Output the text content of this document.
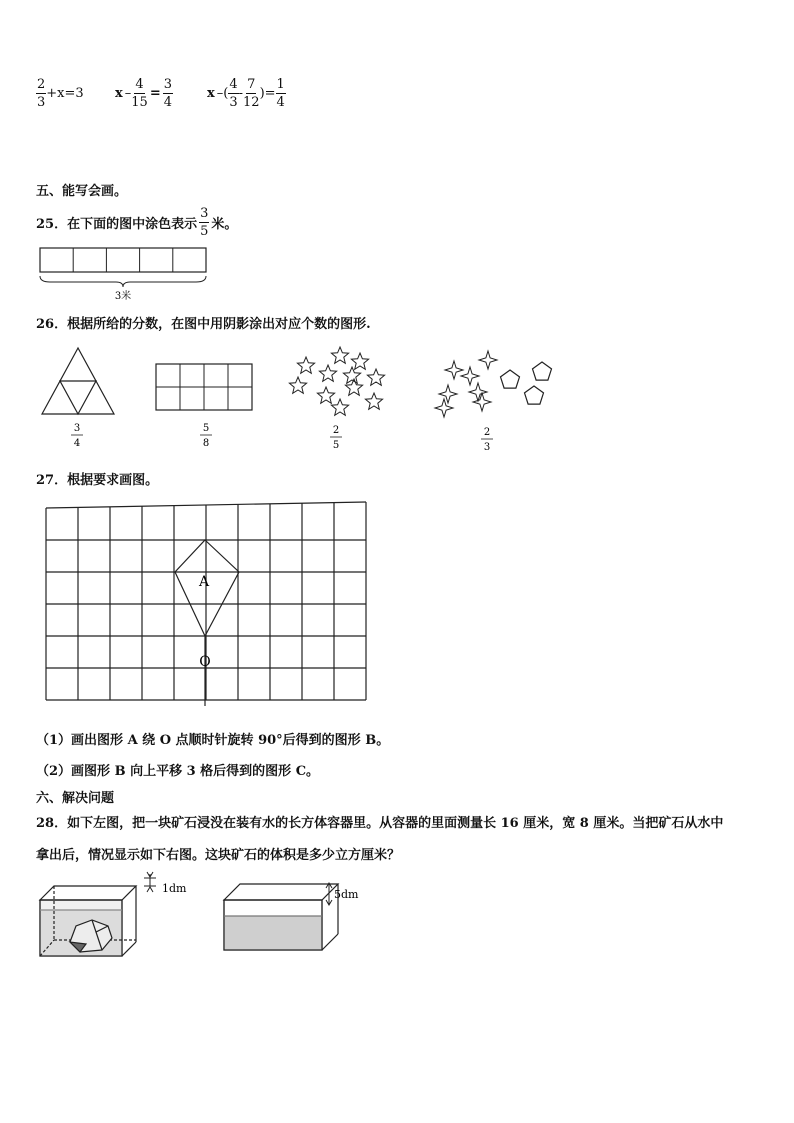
$\frac{2}{3} +x=3$ $x - \frac{4}{15} = \frac{3}{4}$	x –( $\frac{4}{3} - \frac{7}{12}$ )= $\frac{1}{4}$
五、能写会画。
25．在下面的图中涂色表示 $\frac{3}{5}$ 米。
3米
26．根据所给的分数，在图中用阴影涂出对应个数的图形.
3
4
5
8
2
5
2
3
27．根据要求画图。
A
O
（1）画出图形 A 绕 O 点顺时针旋转 90°后得到的图形 B。
（2）画图形 B 向上平移 3 格后得到的图形 C。
六、解决问题
28．如下左图，把一块矿石浸没在装有水的长方体容器里。从容器的里面测量长 16 厘米，宽 8 厘米。当把矿石从水中
拿出后，情况显示如下右图。这块矿石的体积是多少立方厘米？
1dm	5dm
